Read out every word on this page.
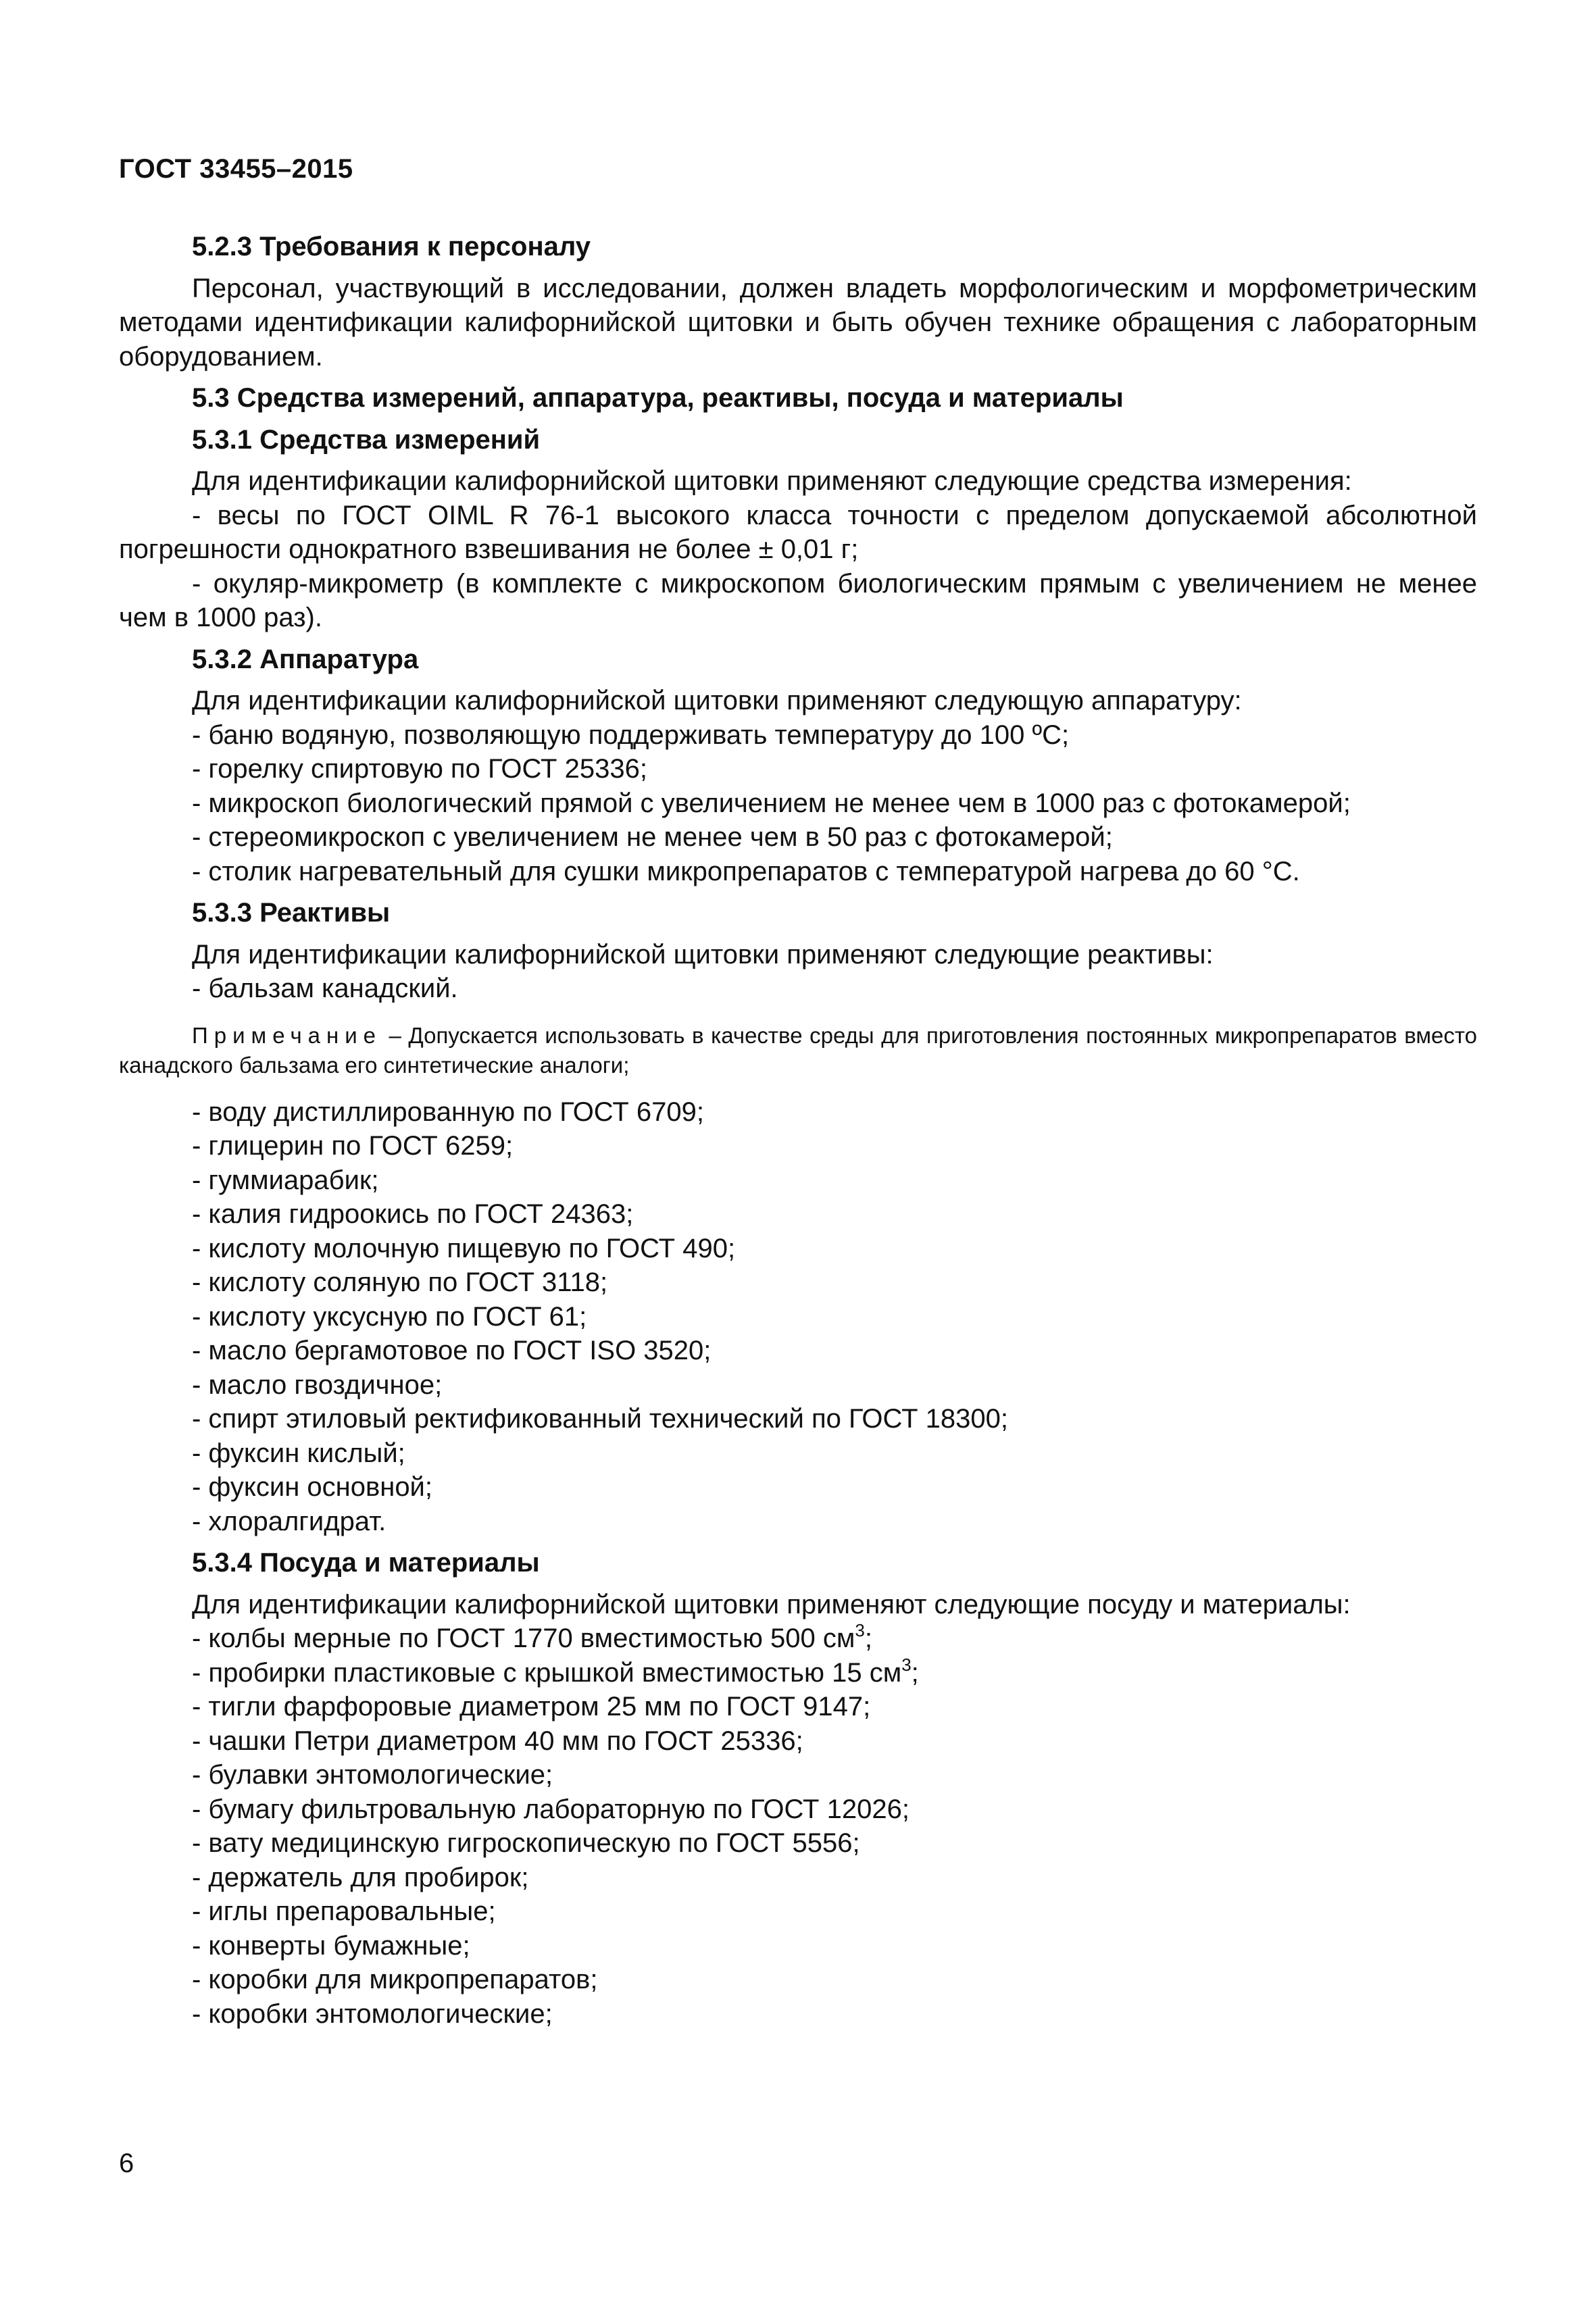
ГОСТ 33455–2015
5.2.3 Требования к персоналу
Персонал, участвующий в исследовании, должен владеть морфологическим и морфометрическим методами идентификации калифорнийской щитовки и быть обучен технике обращения с лабораторным оборудованием.
5.3 Средства измерений, аппаратура, реактивы, посуда и материалы
5.3.1 Средства измерений
Для идентификации калифорнийской щитовки применяют следующие средства измерения:
- весы по ГОСТ OIML R 76-1 высокого класса точности с пределом допускаемой абсолютной погрешности однократного взвешивания не более ± 0,01 г;
- окуляр-микрометр (в комплекте с микроскопом биологическим прямым с увеличением не менее чем в 1000 раз).
5.3.2 Аппаратура
Для идентификации калифорнийской щитовки применяют следующую аппаратуру:
- баню водяную, позволяющую поддерживать температуру до 100 ºС;
- горелку спиртовую по ГОСТ 25336;
- микроскоп биологический прямой с увеличением не менее чем в 1000 раз с фотокамерой;
- стереомикроскоп с увеличением не менее чем в 50 раз с фотокамерой;
- столик нагревательный для сушки микропрепаратов с температурой нагрева до 60 °С.
5.3.3 Реактивы
Для идентификации калифорнийской щитовки применяют следующие реактивы:
- бальзам канадский.
Примечание – Допускается использовать в качестве среды для приготовления постоянных микропрепаратов вместо канадского бальзама его синтетические аналоги;
- воду дистиллированную по ГОСТ 6709;
- глицерин по ГОСТ 6259;
- гуммиарабик;
- калия гидроокись по ГОСТ 24363;
- кислоту молочную пищевую по ГОСТ 490;
- кислоту соляную по ГОСТ 3118;
- кислоту уксусную по ГОСТ 61;
- масло бергамотовое по ГОСТ ISO 3520;
- масло гвоздичное;
- спирт этиловый ректификованный технический по ГОСТ 18300;
- фуксин кислый;
- фуксин основной;
- хлоралгидрат.
5.3.4 Посуда и материалы
Для идентификации калифорнийской щитовки применяют следующие посуду и материалы:
- колбы мерные по ГОСТ 1770 вместимостью 500 $см^3$;
- пробирки пластиковые с крышкой вместимостью 15 $см^3$;
- тигли фарфоровые диаметром 25 мм по ГОСТ 9147;
- чашки Петри диаметром 40 мм по ГОСТ 25336;
- булавки энтомологические;
- бумагу фильтровальную лабораторную по ГОСТ 12026;
- вату медицинскую гигроскопическую по ГОСТ 5556;
- держатель для пробирок;
- иглы препаровальные;
- конверты бумажные;
- коробки для микропрепаратов;
- коробки энтомологические;
6
